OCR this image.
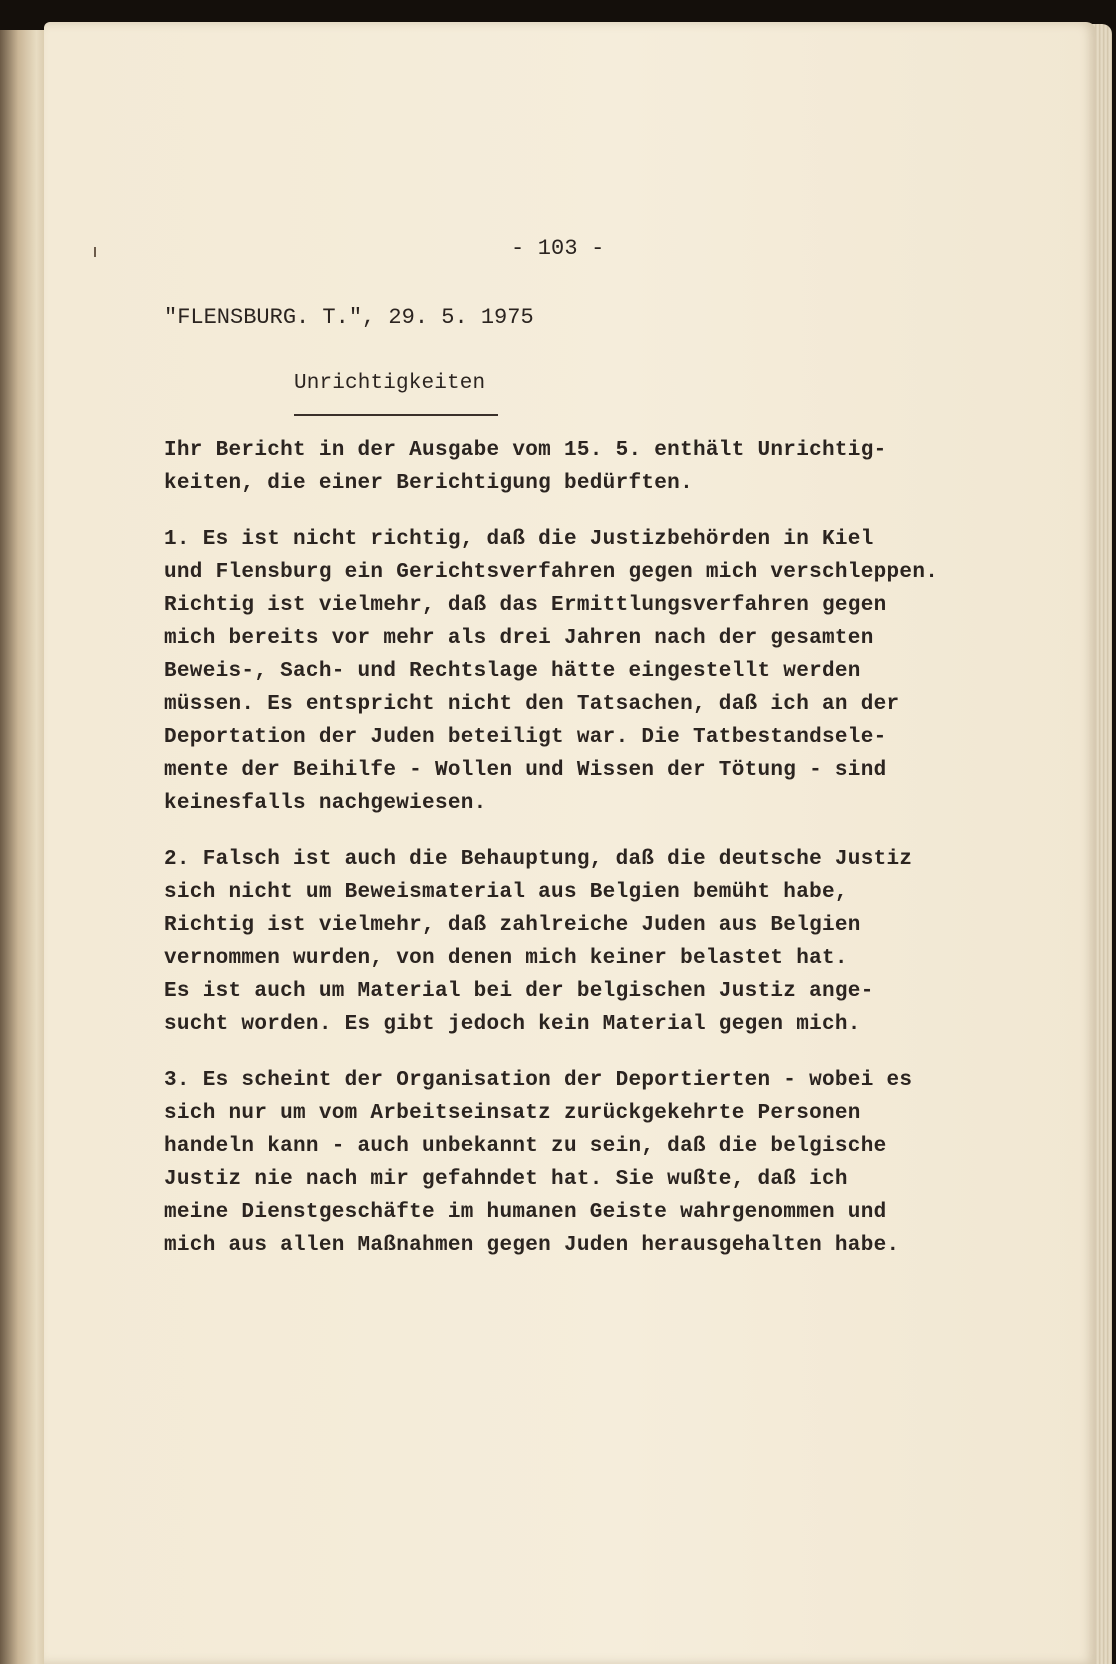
- 103 -
"FLENSBURG. T.", 29. 5. 1975
Unrichtigkeiten
Ihr Bericht in der Ausgabe vom 15. 5. enthält Unrichtig-
keiten, die einer Berichtigung bedürften.
1. Es ist nicht richtig, daß die Justizbehörden in Kiel
und Flensburg ein Gerichtsverfahren gegen mich verschleppen.
Richtig ist vielmehr, daß das Ermittlungsverfahren gegen
mich bereits vor mehr als drei Jahren nach der gesamten
Beweis-, Sach- und Rechtslage hätte eingestellt werden
müssen. Es entspricht nicht den Tatsachen, daß ich an der
Deportation der Juden beteiligt war. Die Tatbestandsele-
mente der Beihilfe - Wollen und Wissen der Tötung - sind
keinesfalls nachgewiesen.
2. Falsch ist auch die Behauptung, daß die deutsche Justiz
sich nicht um Beweismaterial aus Belgien bemüht habe,
Richtig ist vielmehr, daß zahlreiche Juden aus Belgien
vernommen wurden, von denen mich keiner belastet hat.
Es ist auch um Material bei der belgischen Justiz ange-
sucht worden. Es gibt jedoch kein Material gegen mich.
3. Es scheint der Organisation der Deportierten - wobei es
sich nur um vom Arbeitseinsatz zurückgekehrte Personen
handeln kann - auch unbekannt zu sein, daß die belgische
Justiz nie nach mir gefahndet hat. Sie wußte, daß ich
meine Dienstgeschäfte im humanen Geiste wahrgenommen und
mich aus allen Maßnahmen gegen Juden herausgehalten habe.
